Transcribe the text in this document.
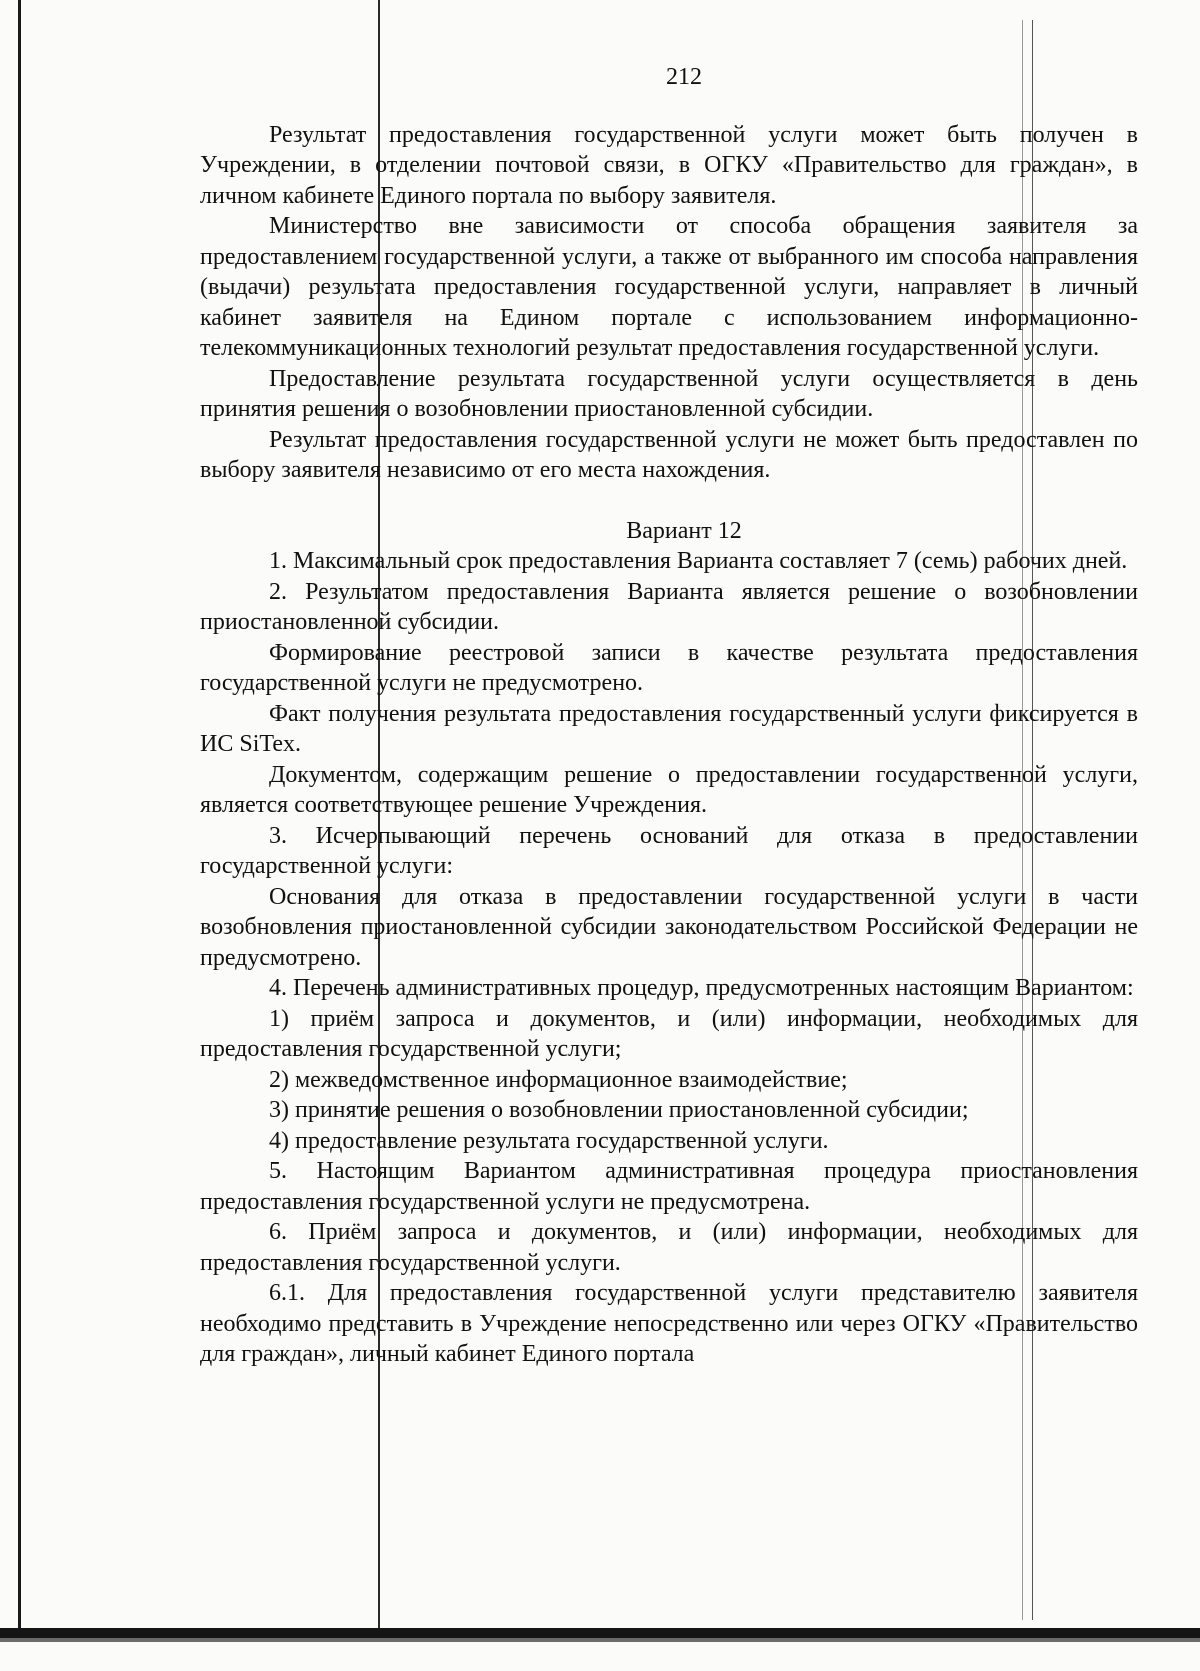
212

Результат предоставления государственной услуги может быть получен в Учреждении, в отделении почтовой связи, в ОГКУ «Правительство для граждан», в личном кабинете Единого портала по выбору заявителя.

Министерство вне зависимости от способа обращения заявителя за предоставлением государственной услуги, а также от выбранного им способа направления (выдачи) результата предоставления государственной услуги, направляет в личный кабинет заявителя на Едином портале с использованием информационно-телекоммуникационных технологий результат предоставления государственной услуги.

Предоставление результата государственной услуги осуществляется в день принятия решения о возобновлении приостановленной субсидии.

Результат предоставления государственной услуги не может быть предоставлен по выбору заявителя независимо от его места нахождения.

Вариант 12

1. Максимальный срок предоставления Варианта составляет 7 (семь) рабочих дней.

2. Результатом предоставления Варианта является решение о возобновлении приостановленной субсидии.

Формирование реестровой записи в качестве результата предоставления государственной услуги не предусмотрено.

Факт получения результата предоставления государственный услуги фиксируется в ИС SiTex.

Документом, содержащим решение о предоставлении государственной услуги, является соответствующее решение Учреждения.

3. Исчерпывающий перечень оснований для отказа в предоставлении государственной услуги:

Основания для отказа в предоставлении государственной услуги в части возобновления приостановленной субсидии законодательством Российской Федерации не предусмотрено.

4. Перечень административных процедур, предусмотренных настоящим Вариантом:

1) приём запроса и документов, и (или) информации, необходимых для предоставления государственной услуги;

2) межведомственное информационное взаимодействие;

3) принятие решения о возобновлении приостановленной субсидии;

4) предоставление результата государственной услуги.

5. Настоящим Вариантом административная процедура приостановления предоставления государственной услуги не предусмотрена.

6. Приём запроса и документов, и (или) информации, необходимых для предоставления государственной услуги.

6.1. Для предоставления государственной услуги представителю заявителя необходимо представить в Учреждение непосредственно или через ОГКУ «Правительство для граждан», личный кабинет Единого портала
